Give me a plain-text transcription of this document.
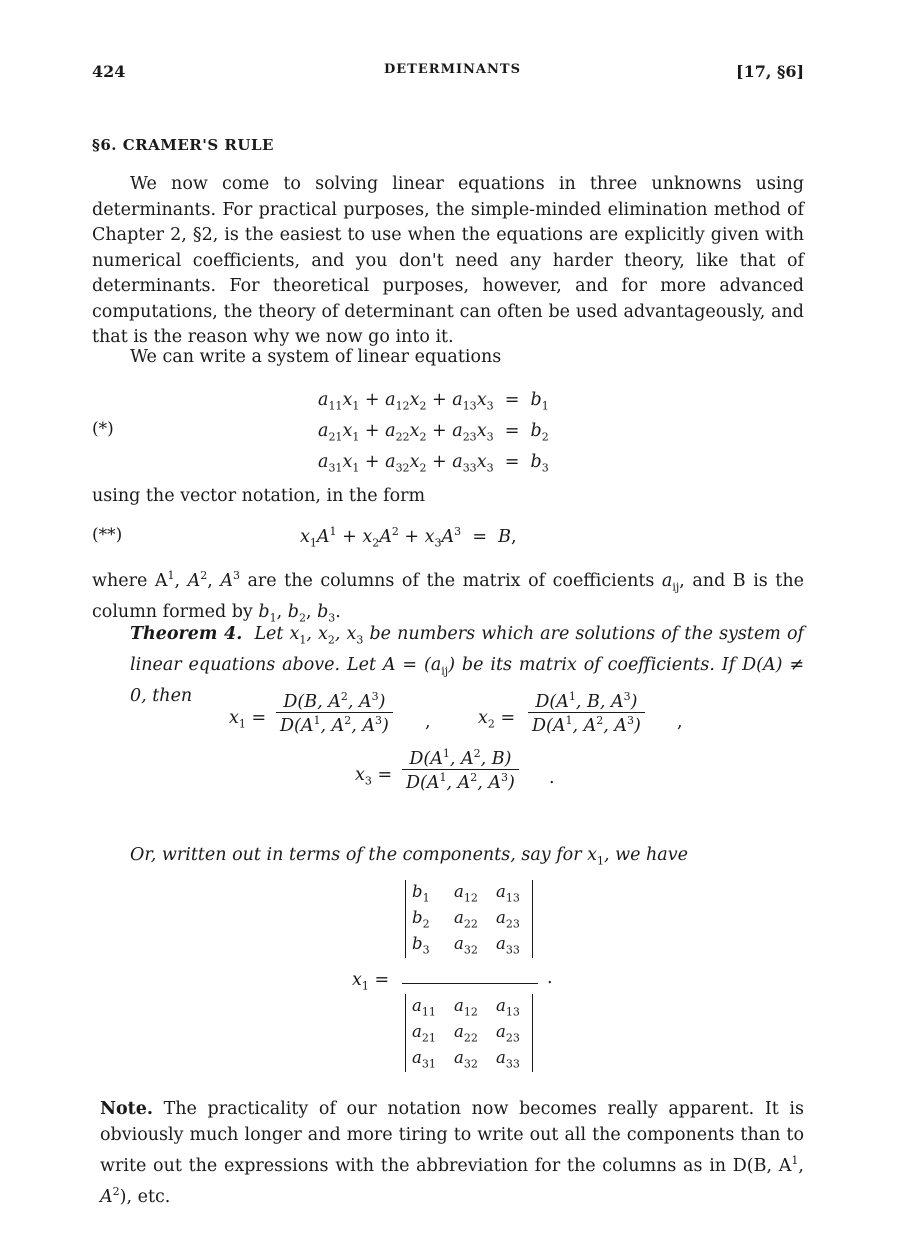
424	DETERMINANTS	[17, §6]
§6. CRAMER'S RULE
We now come to solving linear equations in three unknowns using determinants. For practical purposes, the simple-minded elimination method of Chapter 2, §2, is the easiest to use when the equations are explicitly given with numerical coefficients, and you don't need any harder theory, like that of determinants. For theoretical purposes, however, and for more advanced computations, the theory of determinant can often be used advantageously, and that is the reason why we now go into it.
We can write a system of linear equations
(*)
$a_{11}x_1 + a_{12}x_2 + a_{13}x_3 = b_1$
$a_{21}x_1 + a_{22}x_2 + a_{23}x_3 = b_2$
$a_{31}x_1 + a_{32}x_2 + a_{33}x_3 = b_3$
using the vector notation, in the form
(**)	$x_1A^1 + x_2A^2 + x_3A^3 = B$,
where $A^1$, $A^2$, $A^3$ are the columns of the matrix of coefficients $a_{ij}$, and B is the column formed by $b_1$, $b_2$, $b_3$.
Theorem 4. Let $x_1$, $x_2$, $x_3$ be numbers which are solutions of the system of linear equations above. Let $A = (a_{ij})$ be its matrix of coefficients. If D(A) ≠ 0, then
$x_1 = \frac{D(B, A^2, A^3)}{D(A^1, A^2, A^3)}$ ,	$x_2 = \frac{D(A^1, B, A^3)}{D(A^1, A^2, A^3)}$ ,
$x_3 = \frac{D(A^1, A^2, B)}{D(A^1, A^2, A^3)}$ .
Or, written out in terms of the components, say for $x_1$, we have
$x_1$ =
$b_1$	$a_{12}$	$a_{13}$
$b_2$	$a_{22}$	$a_{23}$
$b_3$	$a_{32}$	$a_{33}$
.
$a_{11}$	$a_{12}$	$a_{13}$
$a_{21}$	$a_{22}$	$a_{23}$
$a_{31}$	$a_{32}$	$a_{33}$
Note. The practicality of our notation now becomes really apparent. It is obviously much longer and more tiring to write out all the components than to write out the expressions with the abbreviation for the columns as in D(B, $A^1$, $A^2$), etc.
